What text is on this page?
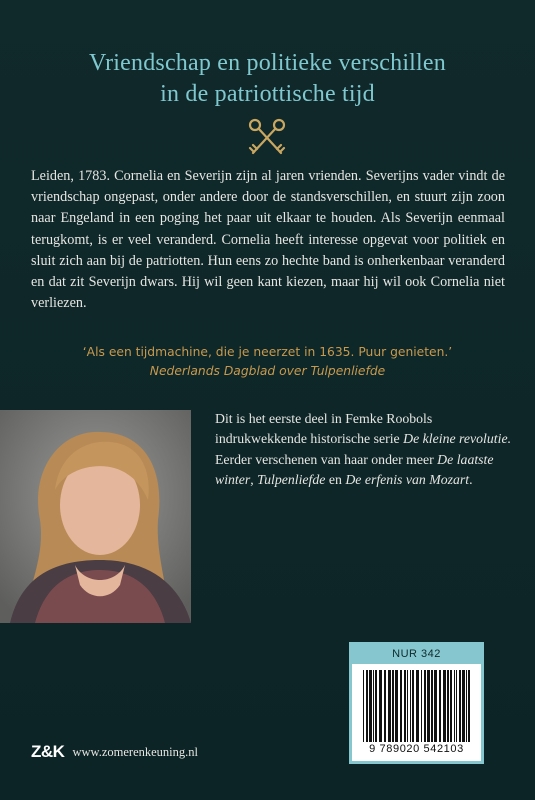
Vriendschap en politieke verschillen
in de patriottische tijd
Leiden, 1783. Cornelia en Severijn zijn al jaren vrienden. Severijns vader vindt de vriendschap ongepast, onder andere door de standsverschillen, en stuurt zijn zoon naar Engeland in een poging het paar uit elkaar te houden. Als Severijn eenmaal terugkomt, is er veel veranderd. Cornelia heeft interesse opgevat voor politiek en sluit zich aan bij de patriotten. Hun eens zo hechte band is onherkenbaar veranderd en dat zit Severijn dwars. Hij wil geen kant kiezen, maar hij wil ook Cornelia niet verliezen.
‘Als een tijdmachine, die je neerzet in 1635. Puur genieten.’
Nederlands Dagblad over Tulpenliefde
Dit is het eerste deel in Femke Roobols indrukwekkende historische serie De kleine revolutie. Eerder verschenen van haar onder meer De laatste winter, Tulpenliefde en De erfenis van Mozart.
NUR 342
9 789020 542103
Z&K www.zomerenkeuning.nl
